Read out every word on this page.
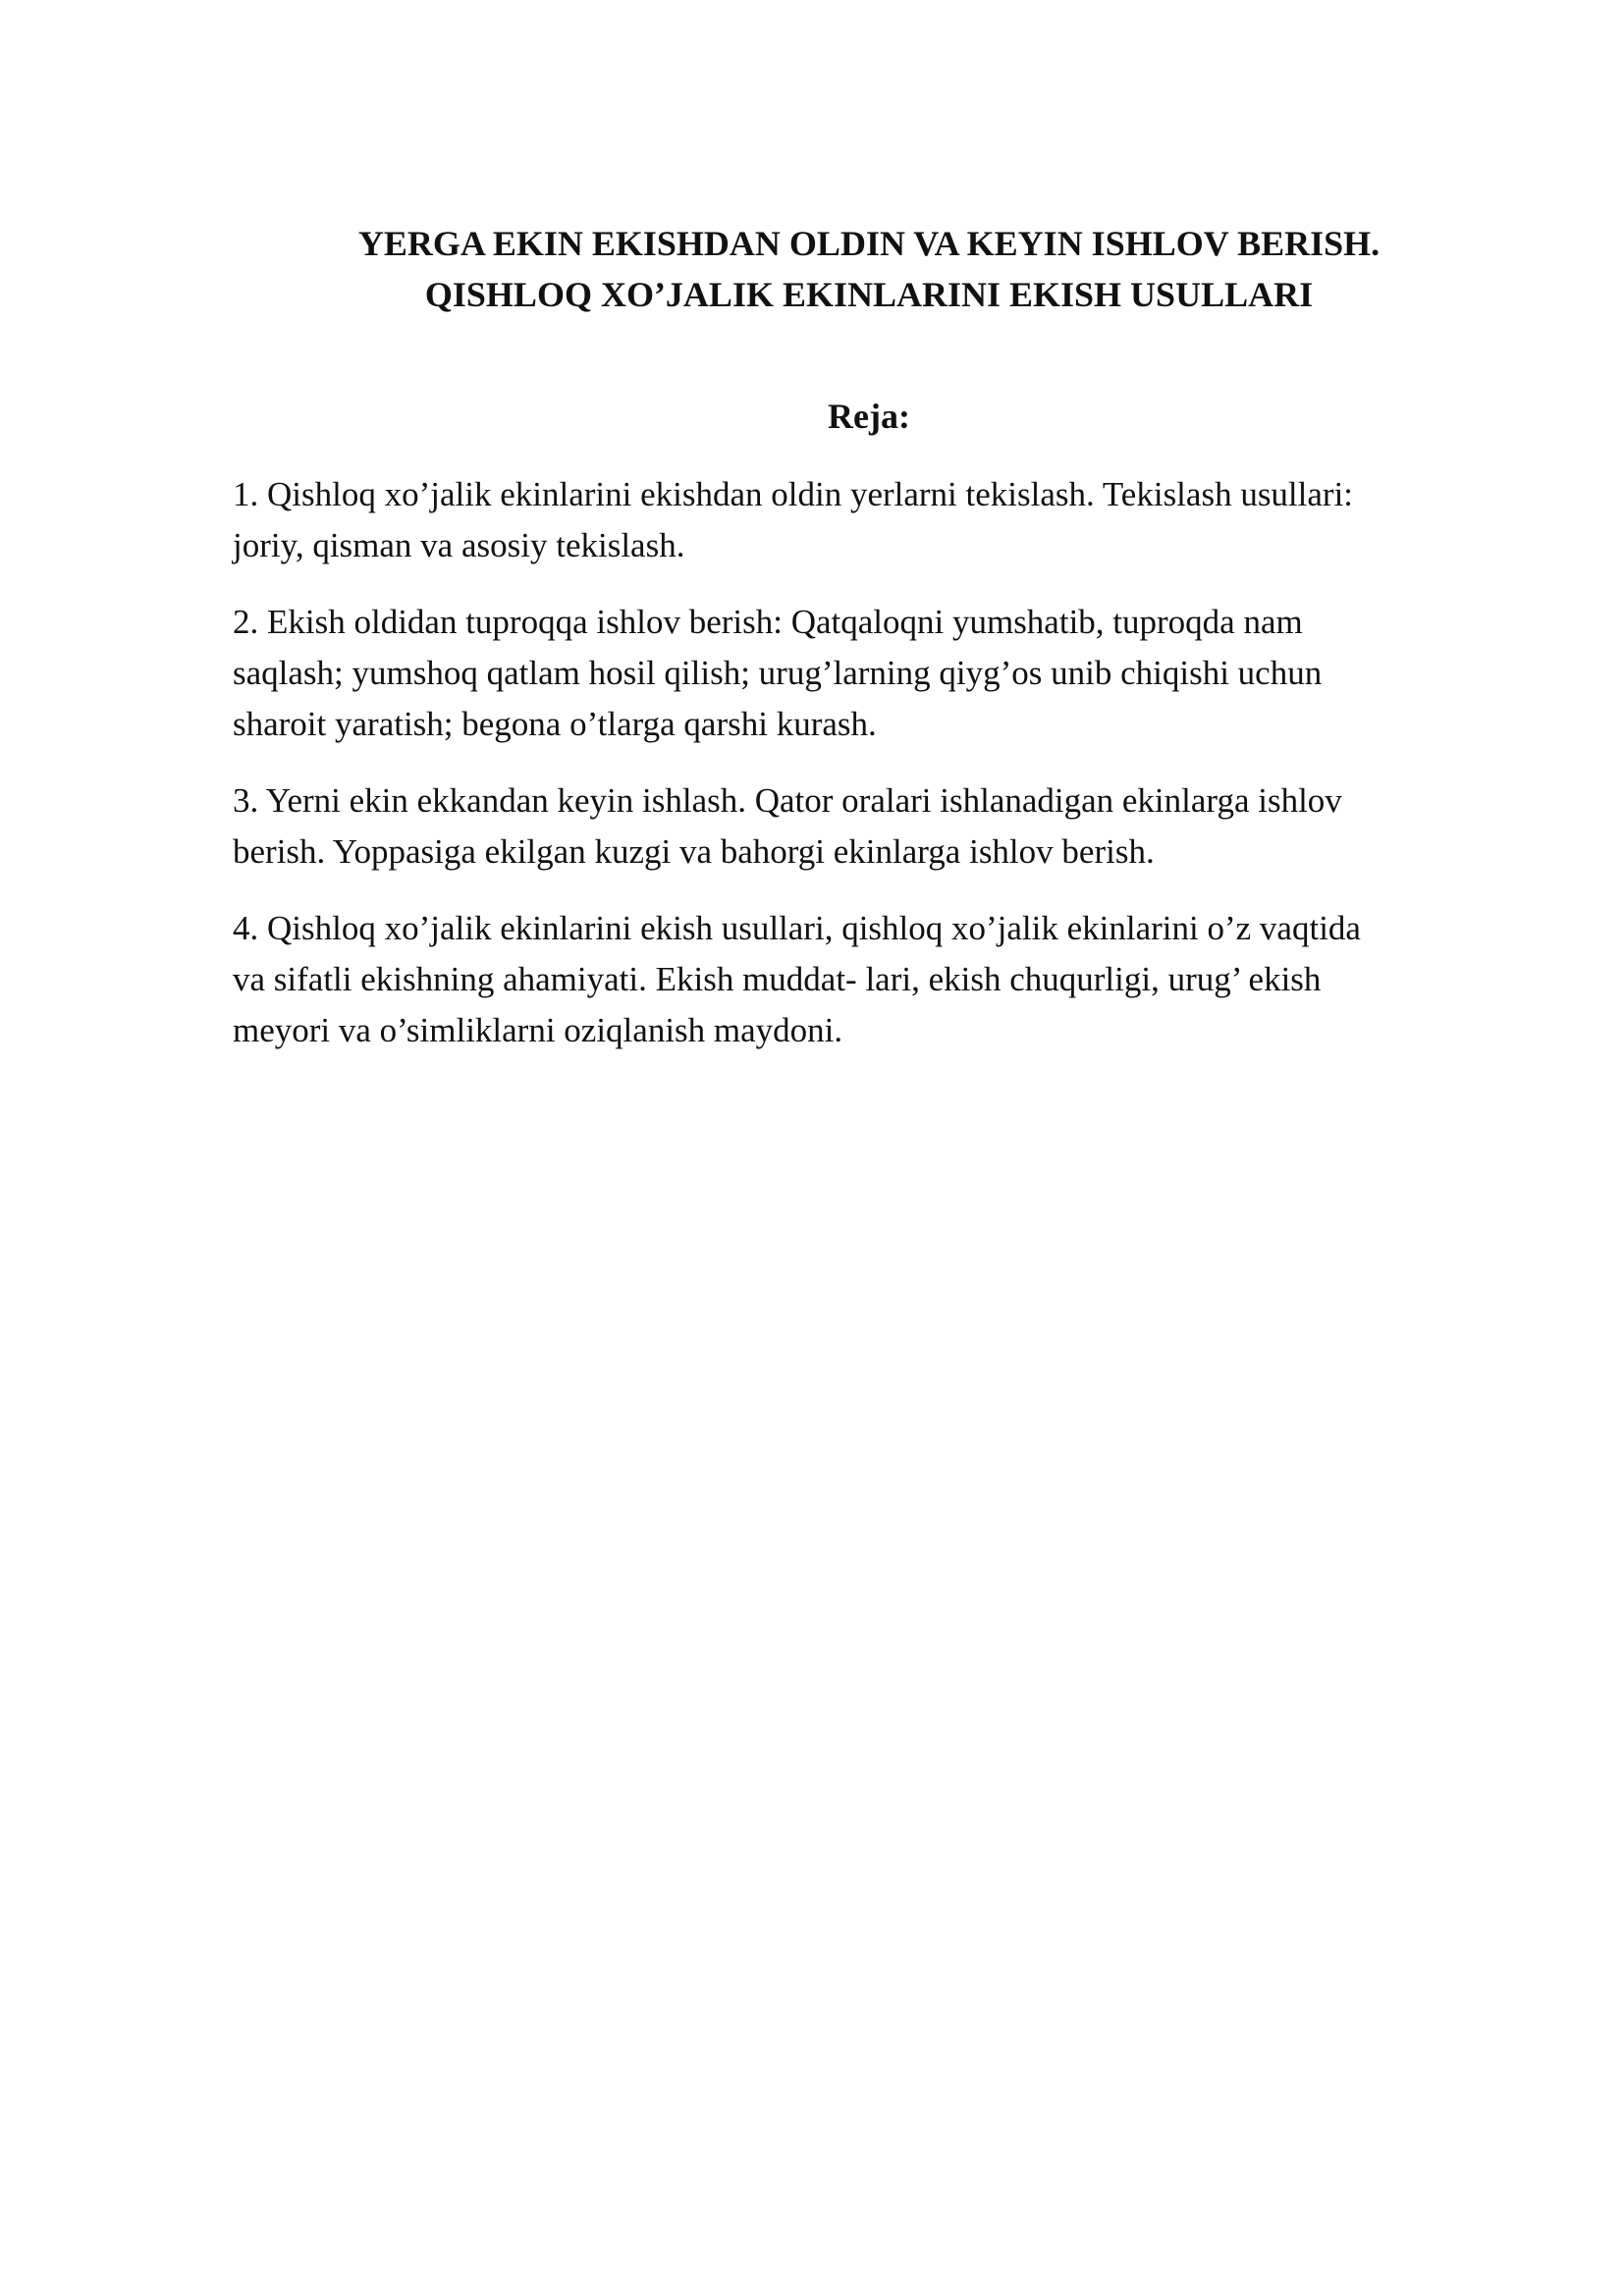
YERGA EKIN EKISHDAN OLDIN VA KEYIN ISHLOV BERISH.
QISHLOQ XO’JALIK EKINLARINI EKISH USULLARI
Reja:
1. Qishloq xo’jalik ekinlarini ekishdan oldin yerlarni tekislash. Tekislash usullari:
joriy, qisman va asosiy tekislash.
2. Ekish oldidan tuproqqa ishlov berish: Qatqaloqni yumshatib, tuproqda nam
saqlash; yumshoq qatlam hosil qilish; urug’larning qiyg’os unib chiqishi uchun
sharoit yaratish; begona o’tlarga qarshi kurash.
3. Yerni ekin ekkandan keyin ishlash. Qator oralari ishlanadigan ekinlarga ishlov
berish. Yoppasiga ekilgan kuzgi va bahorgi ekinlarga ishlov berish.
4. Qishloq xo’jalik ekinlarini ekish usullari, qishloq xo’jalik ekinlarini o’z vaqtida
va sifatli ekishning ahamiyati. Ekish muddat- lari, ekish chuqurligi, urug’ ekish
meyori va o’simliklarni oziqlanish maydoni.
